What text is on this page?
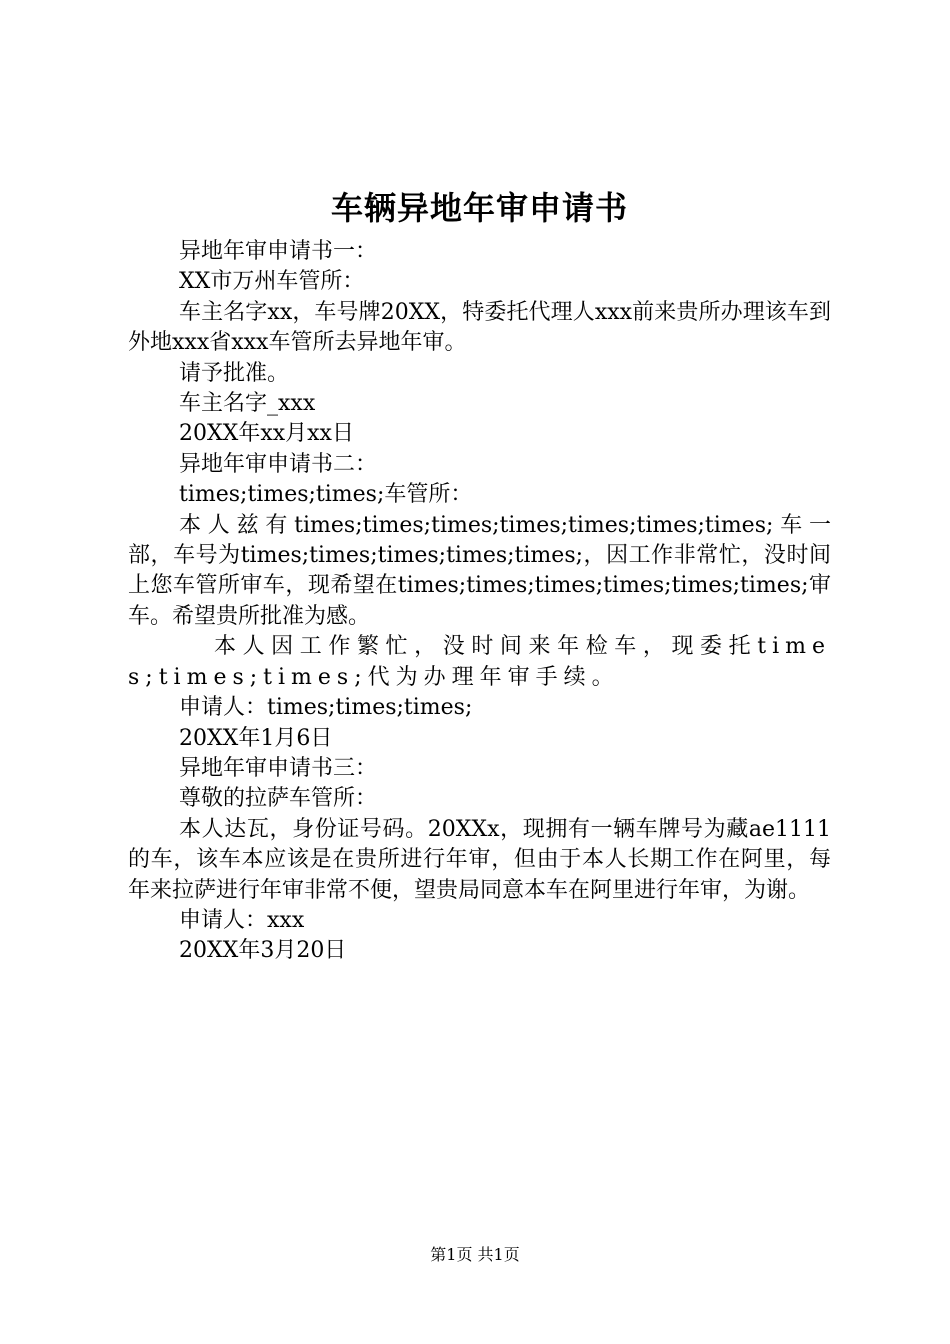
车辆异地年审申请书

异地年审申请书一：

XX市万州车管所：

车主名字xx，车号牌20XX，特委托代理人xxx前来贵所办理该车到外地xxx省xxx车管所去异地年审。

请予批准。

车主名字_xxx

20XX年xx月xx日

异地年审申请书二：

times;times;times;车管所：

本人兹有times;times;times;times;times;times;times;车一部，车号为times;times;times;times;times;，因工作非常忙，没时间上您车管所审车，现希望在times;times;times;times;times;times;审车。希望贵所批准为感。

本人因工作繁忙，没时间来年检车，现委托times;times;times;代为办理年审手续。

申请人：times;times;times;

20XX年1月6日

异地年审申请书三：

尊敬的拉萨车管所：

本人达瓦，身份证号码。20XXx，现拥有一辆车牌号为藏ae1111的车，该车本应该是在贵所进行年审，但由于本人长期工作在阿里，每年来拉萨进行年审非常不便，望贵局同意本车在阿里进行年审，为谢。

申请人：xxx

20XX年3月20日

第1页 共1页
